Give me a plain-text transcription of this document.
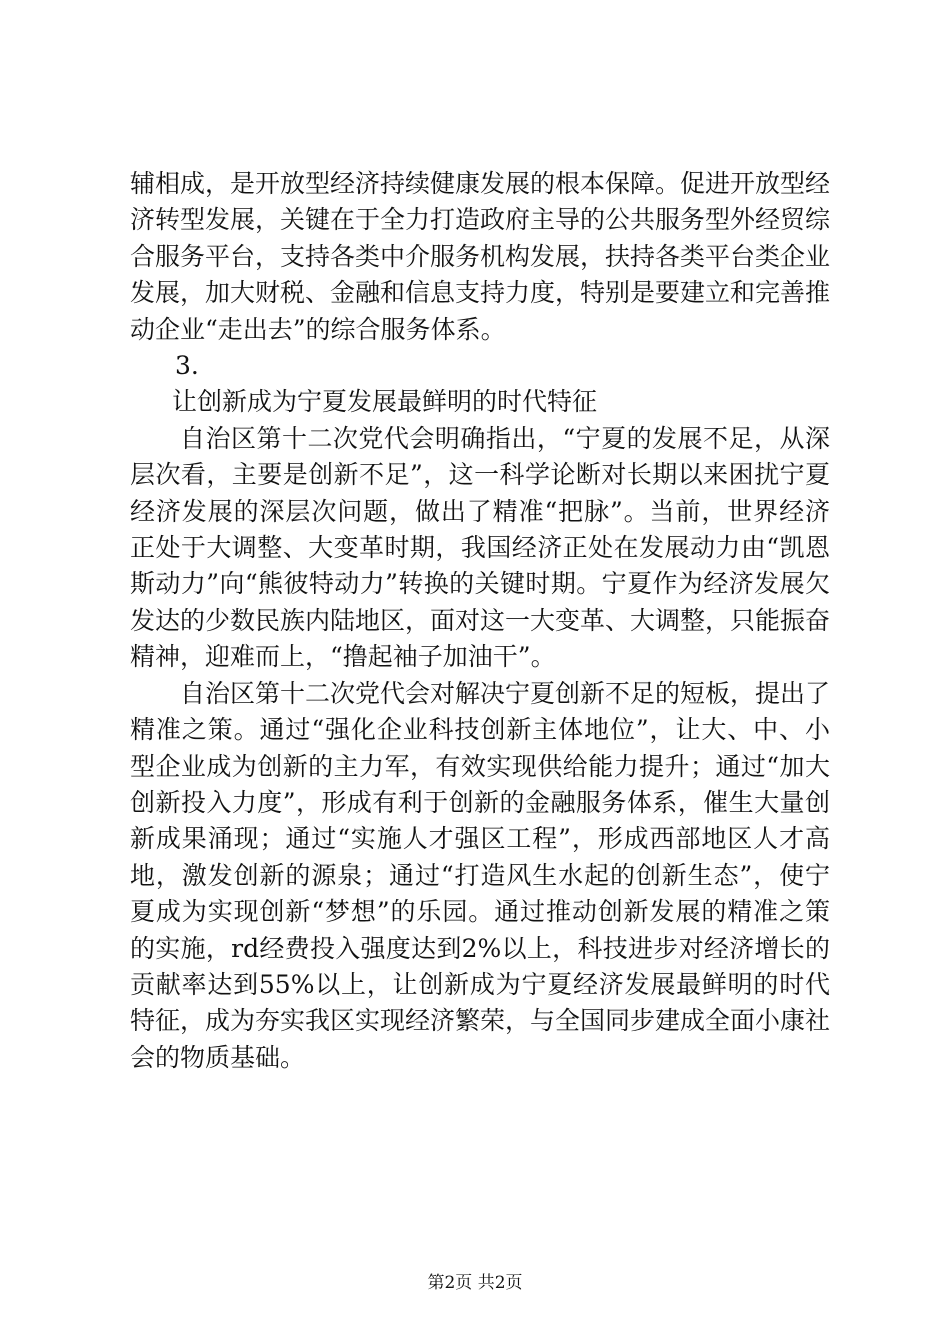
辅相成，是开放型经济持续健康发展的根本保障。促进开放型经济转型发展，关键在于全力打造政府主导的公共服务型外经贸综合服务平台，支持各类中介服务机构发展，扶持各类平台类企业发展，加大财税、金融和信息支持力度，特别是要建立和完善推动企业“走出去”的综合服务体系。

3.

让创新成为宁夏发展最鲜明的时代特征

自治区第十二次党代会明确指出，“宁夏的发展不足，从深层次看，主要是创新不足”，这一科学论断对长期以来困扰宁夏经济发展的深层次问题，做出了精准“把脉”。当前，世界经济正处于大调整、大变革时期，我国经济正处在发展动力由“凯恩斯动力”向“熊彼特动力”转换的关键时期。宁夏作为经济发展欠发达的少数民族内陆地区，面对这一大变革、大调整，只能振奋精神，迎难而上，“撸起袖子加油干”。

自治区第十二次党代会对解决宁夏创新不足的短板，提出了精准之策。通过“强化企业科技创新主体地位”，让大、中、小型企业成为创新的主力军，有效实现供给能力提升；通过“加大创新投入力度”，形成有利于创新的金融服务体系，催生大量创新成果涌现；通过“实施人才强区工程”，形成西部地区人才高地，激发创新的源泉；通过“打造风生水起的创新生态”，使宁夏成为实现创新“梦想”的乐园。通过推动创新发展的精准之策的实施，rd经费投入强度达到2%以上，科技进步对经济增长的贡献率达到55%以上，让创新成为宁夏经济发展最鲜明的时代特征，成为夯实我区实现经济繁荣，与全国同步建成全面小康社会的物质基础。

第2页 共2页
